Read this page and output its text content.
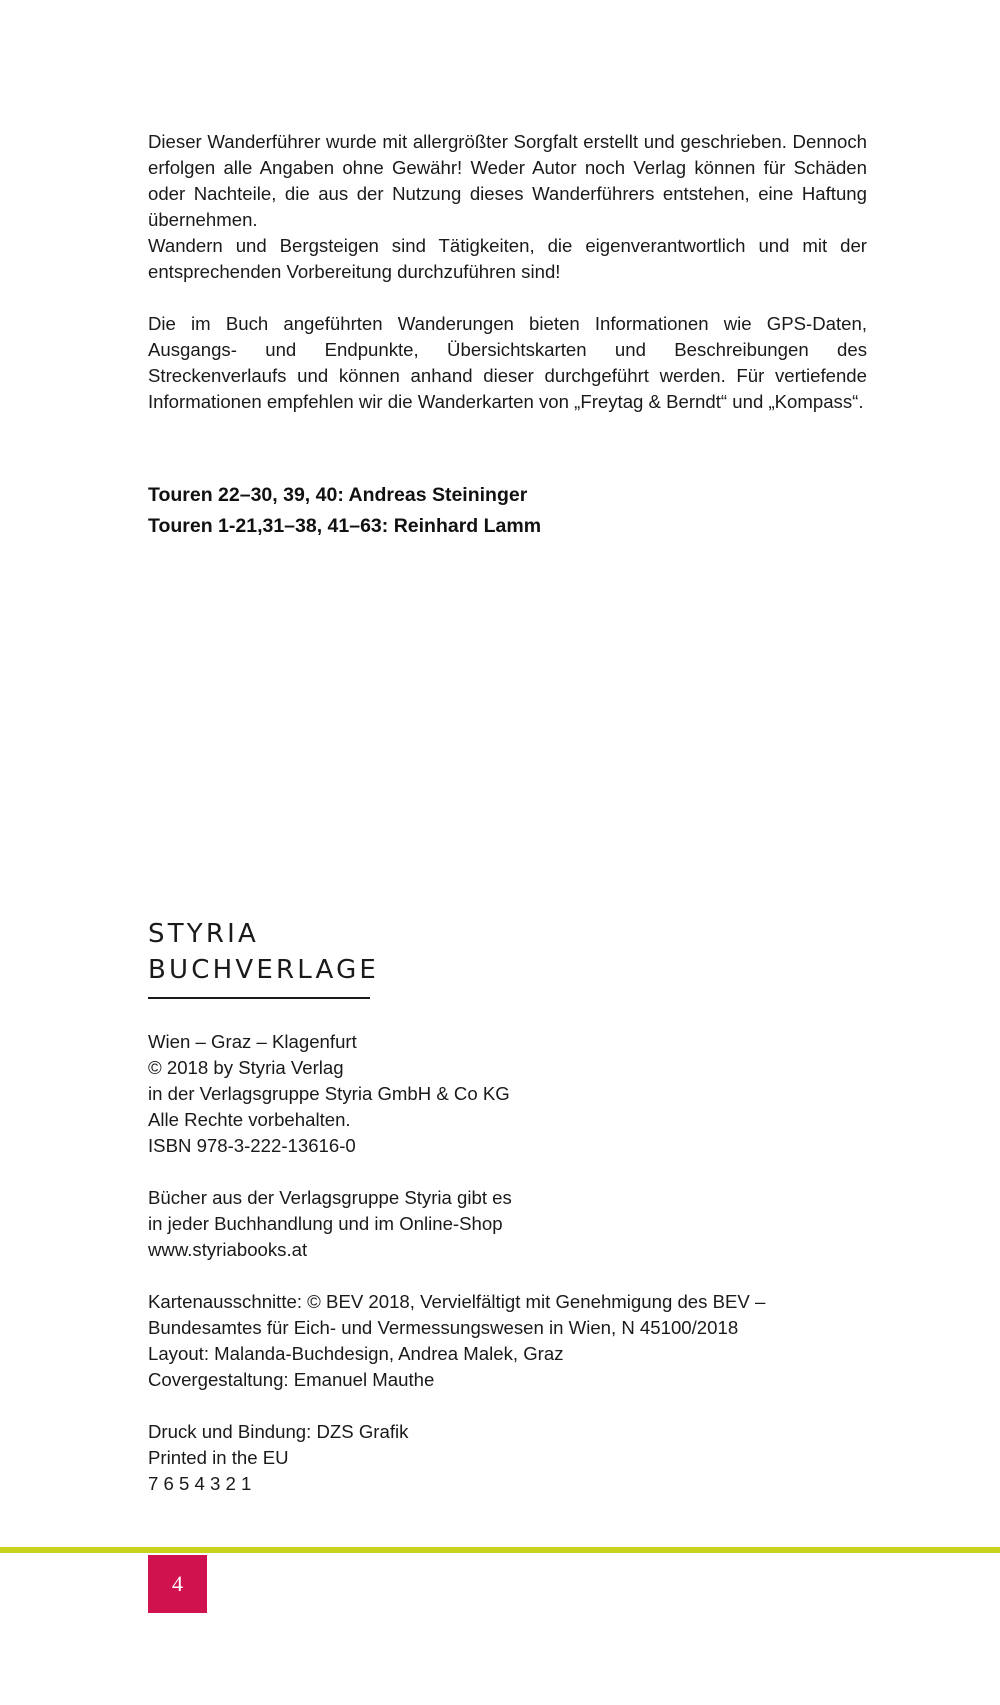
Dieser Wanderführer wurde mit allergrößter Sorgfalt erstellt und geschrieben. Dennoch erfolgen alle Angaben ohne Gewähr! Weder Autor noch Verlag können für Schäden oder Nachteile, die aus der Nutzung dieses Wanderführers entstehen, eine Haftung übernehmen.

Wandern und Bergsteigen sind Tätigkeiten, die eigenverantwortlich und mit der entsprechenden Vorbereitung durchzuführen sind!

Die im Buch angeführten Wanderungen bieten Informationen wie GPS-Daten, Ausgangs- und Endpunkte, Übersichtskarten und Beschreibungen des Streckenverlaufs und können anhand dieser durchgeführt werden. Für vertiefende Informationen empfehlen wir die Wanderkarten von „Freytag & Berndt“ und „Kompass“.

Touren 22–30, 39, 40: Andreas Steininger
Touren 1-21,31–38, 41–63: Reinhard Lamm
STYRIA
BUCHVERLAGE
Wien – Graz – Klagenfurt
© 2018 by Styria Verlag
in der Verlagsgruppe Styria GmbH & Co KG
Alle Rechte vorbehalten.
ISBN 978-3-222-13616-0
Bücher aus der Verlagsgruppe Styria gibt es
in jeder Buchhandlung und im Online-Shop
www.styriabooks.at
Kartenausschnitte: © BEV 2018, Vervielfältigt mit Genehmigung des BEV –
Bundesamtes für Eich- und Vermessungswesen in Wien, N 45100/2018
Layout: Malanda-Buchdesign, Andrea Malek, Graz
Covergestaltung: Emanuel Mauthe
Druck und Bindung: DZS Grafik
Printed in the EU
7 6 5 4 3 2 1
4
